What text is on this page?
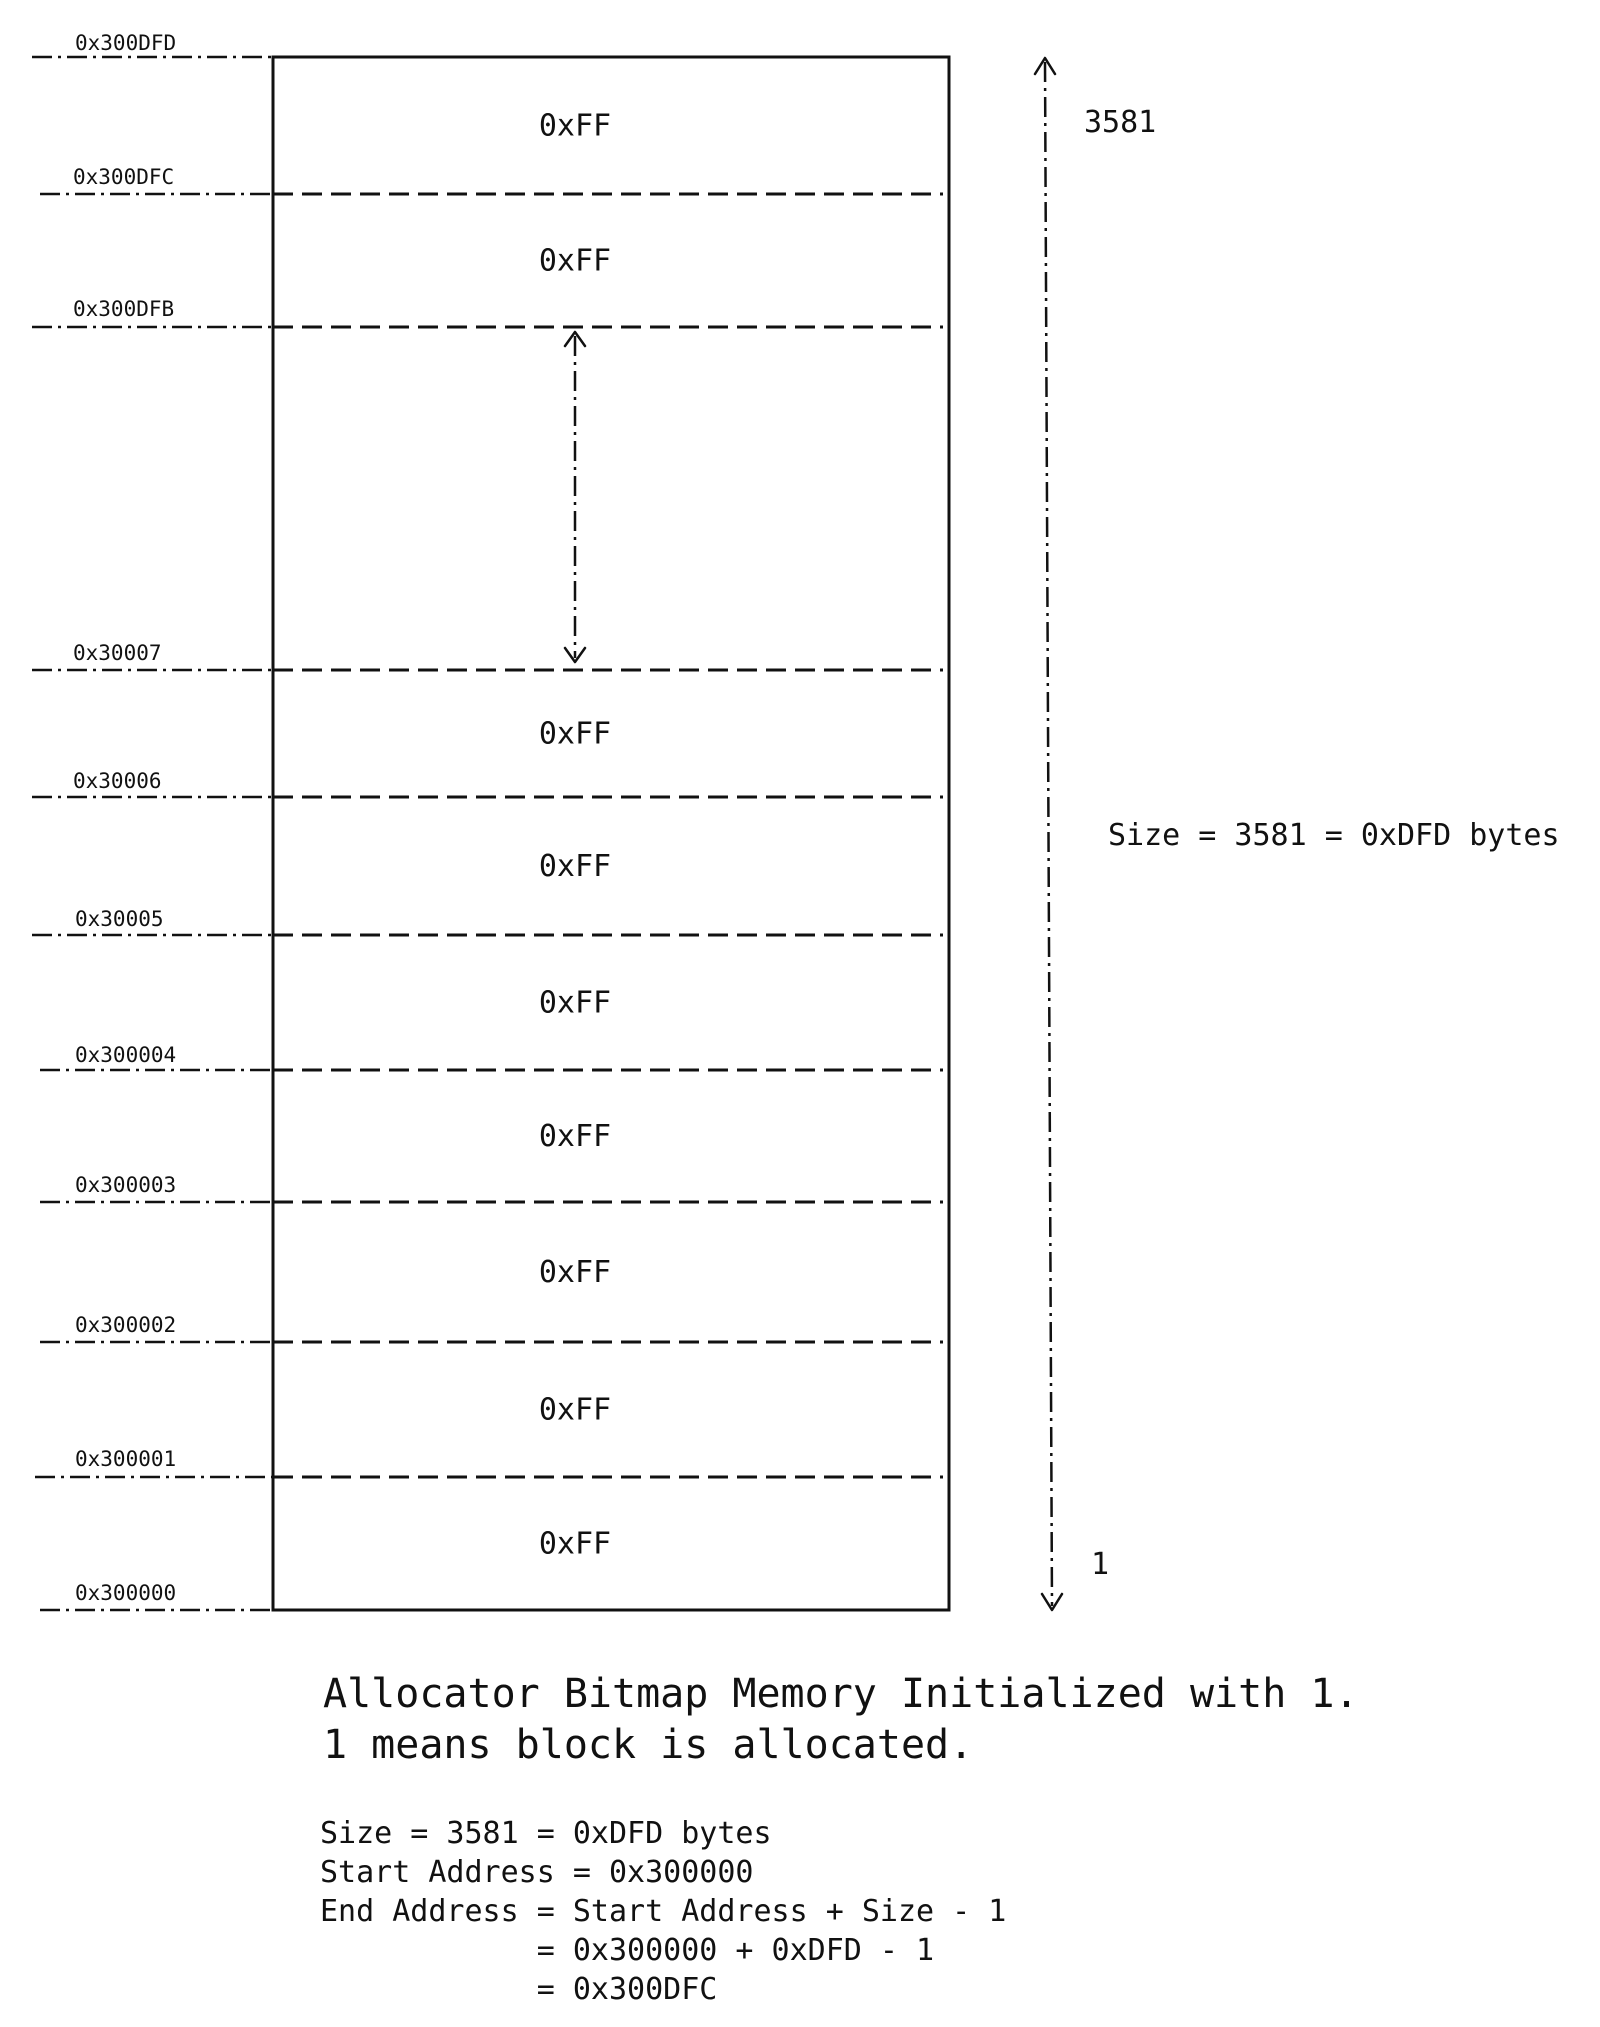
0x300DFD
0x300DFC
0x300DFB
0x30007
0x30006
0x30005
0x300004
0x300003
0x300002
0x300001
0x300000
0xFF
0xFF
0xFF
0xFF
0xFF
0xFF
0xFF
0xFF
0xFF
3581
1
Size = 3581 = 0xDFD bytes
Allocator Bitmap Memory Initialized with 1.
1 means block is allocated.
Size = 3581 = 0xDFD bytes
Start Address = 0x300000
End Address = Start Address + Size - 1
= 0x300000 + 0xDFD - 1
= 0x300DFC
